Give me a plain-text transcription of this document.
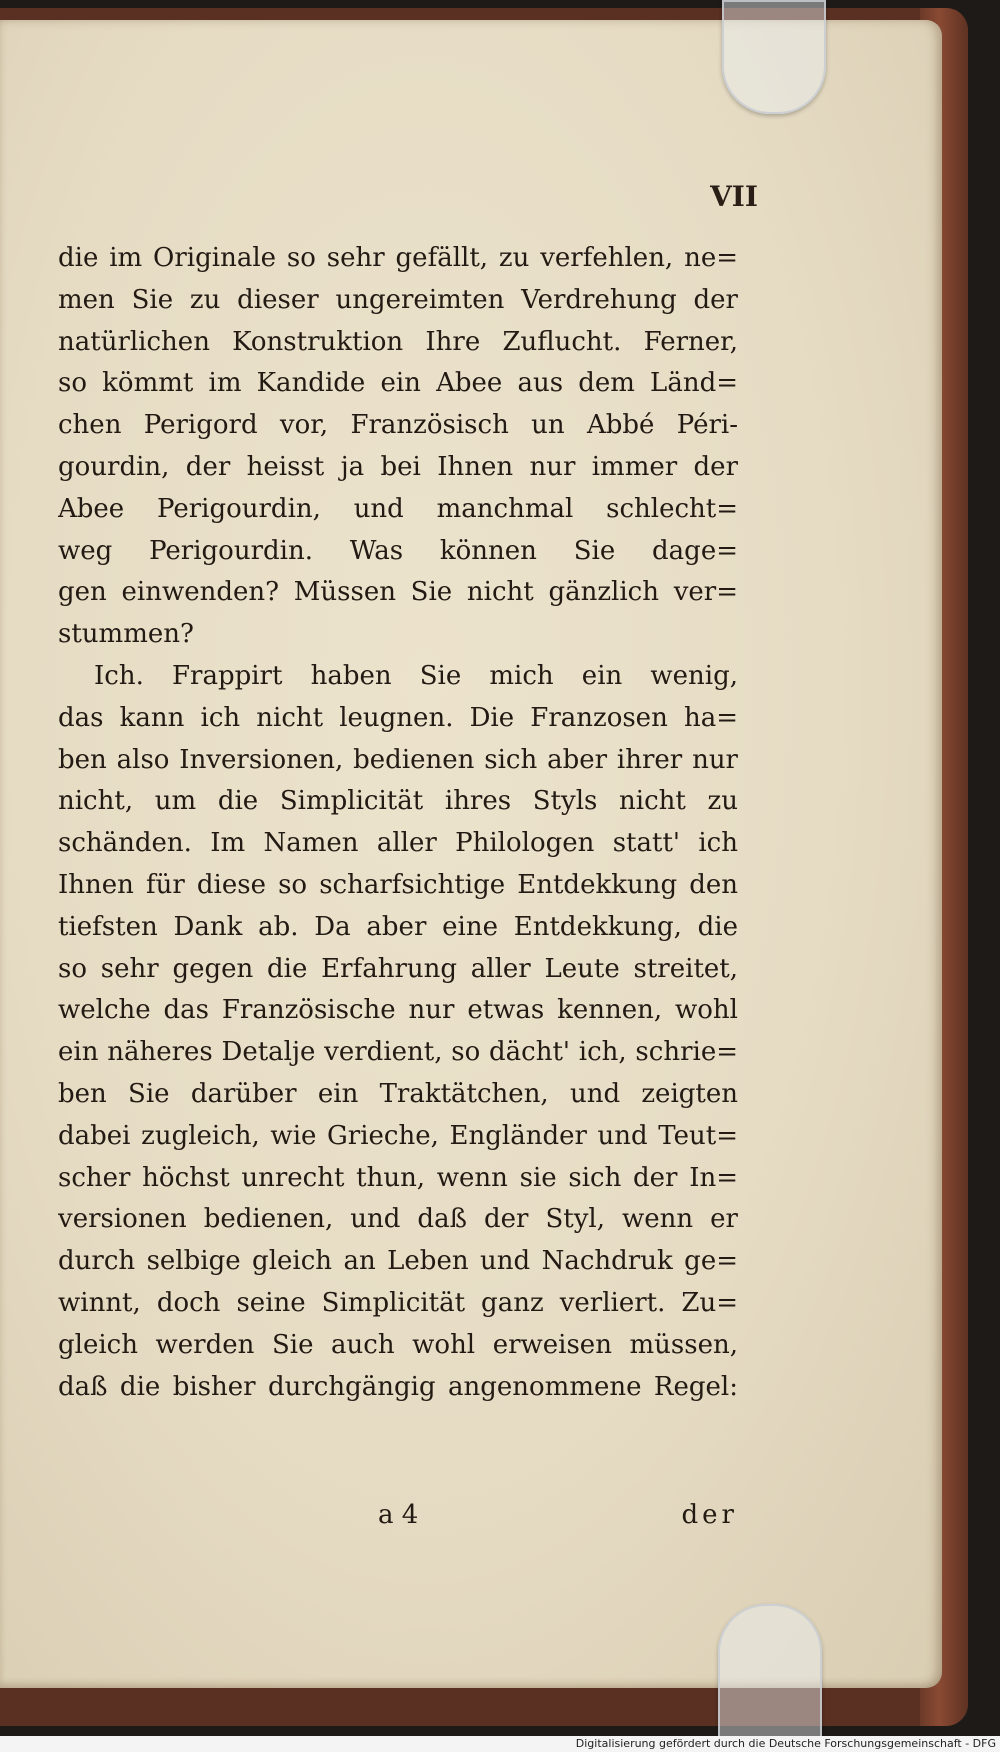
VII
die im Originale so sehr gefällt, zu verfehlen, ne=
men Sie zu dieser ungereimten Verdrehung der
natürlichen Konstruktion Ihre Zuflucht. Ferner,
so kömmt im Kandide ein Abee aus dem Länd=
chen Perigord vor, Französisch un Abbé Péri-
gourdin, der heisst ja bei Ihnen nur immer der
Abee Perigourdin, und manchmal schlecht=
weg Perigourdin. Was können Sie dage=
gen einwenden? Müssen Sie nicht gänzlich ver=
stummen?
Ich. Frappirt haben Sie mich ein wenig,
das kann ich nicht leugnen. Die Franzosen ha=
ben also Inversionen, bedienen sich aber ihrer nur
nicht, um die Simplicität ihres Styls nicht zu
schänden. Im Namen aller Philologen statt' ich
Ihnen für diese so scharfsichtige Entdekkung den
tiefsten Dank ab. Da aber eine Entdekkung, die
so sehr gegen die Erfahrung aller Leute streitet,
welche das Französische nur etwas kennen, wohl
ein näheres Detalje verdient, so dächt' ich, schrie=
ben Sie darüber ein Traktätchen, und zeigten
dabei zugleich, wie Grieche, Engländer und Teut=
scher höchst unrecht thun, wenn sie sich der In=
versionen bedienen, und daß der Styl, wenn er
durch selbige gleich an Leben und Nachdruk ge=
winnt, doch seine Simplicität ganz verliert. Zu=
gleich werden Sie auch wohl erweisen müssen,
daß die bisher durchgängig angenommene Regel:
a 4	der
Digitalisierung gefördert durch die Deutsche Forschungsgemeinschaft - DFG
